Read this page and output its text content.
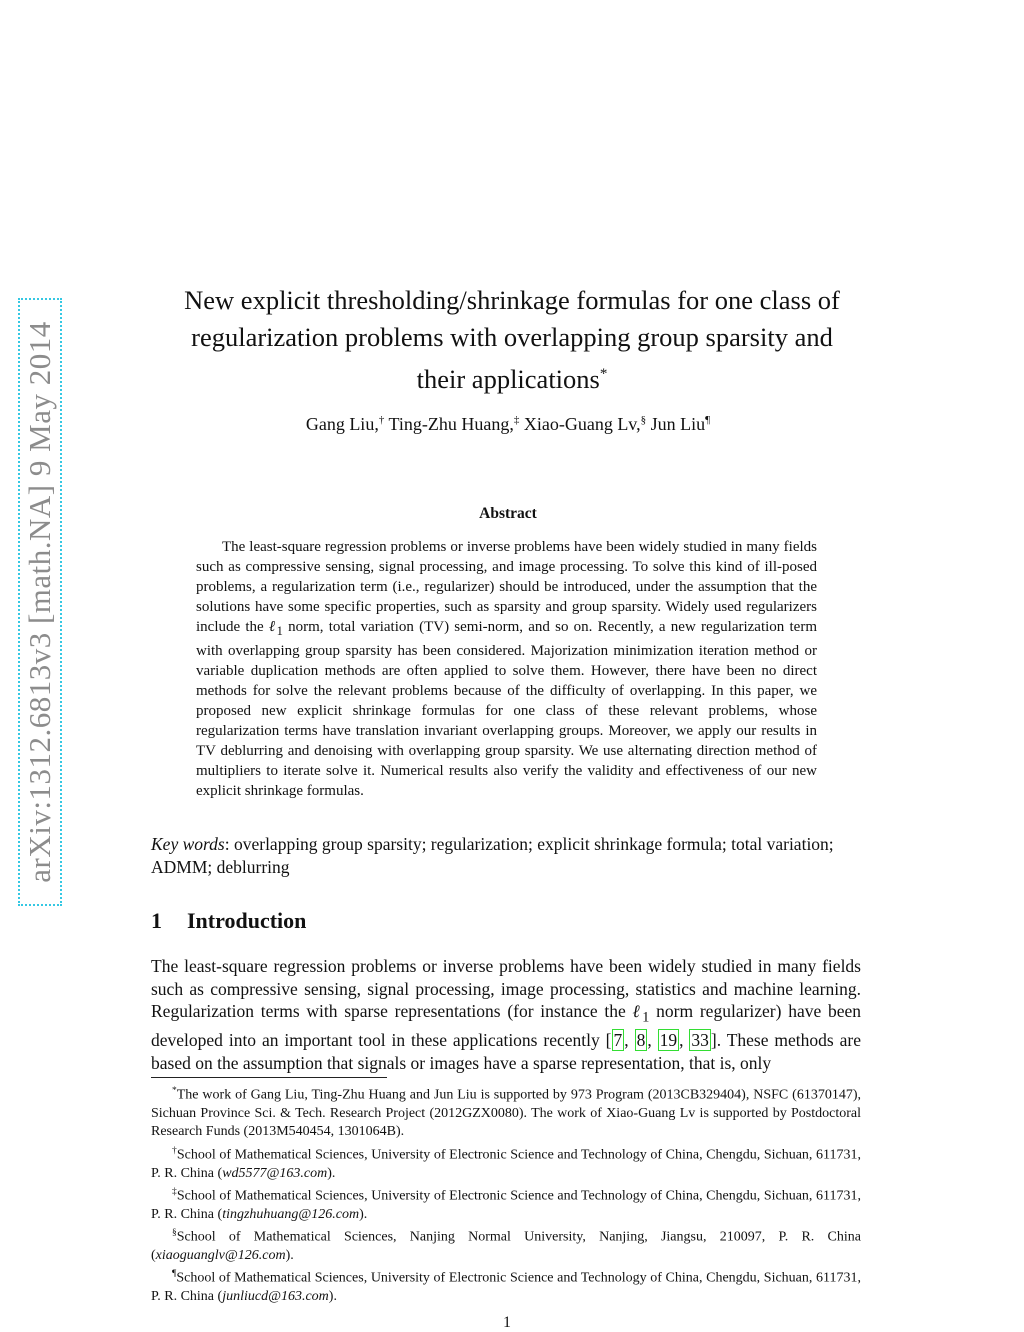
arXiv:1312.6813v3 [math.NA] 9 May 2014
New explicit thresholding/shrinkage formulas for one class of
regularization problems with overlapping group sparsity and
their applications*
Gang Liu,† Ting-Zhu Huang,‡ Xiao-Guang Lv,§ Jun Liu¶
Abstract

The least-square regression problems or inverse problems have been widely studied in many fields such as compressive sensing, signal processing, and image processing. To solve this kind of ill-posed problems, a regularization term (i.e., regularizer) should be introduced, under the assumption that the solutions have some specific properties, such as sparsity and group sparsity. Widely used regularizers include the ℓ$_1$ norm, total variation (TV) semi-norm, and so on. Recently, a new regularization term with overlapping group sparsity has been considered. Majorization minimization iteration method or variable duplication methods are often applied to solve them. However, there have been no direct methods for solve the relevant problems because of the difficulty of overlapping. In this paper, we proposed new explicit shrinkage formulas for one class of these relevant problems, whose regularization terms have translation invariant overlapping groups. Moreover, we apply our results in TV deblurring and denoising with overlapping group sparsity. We use alternating direction method of multipliers to iterate solve it. Numerical results also verify the validity and effectiveness of our new explicit shrinkage formulas.

Key words: overlapping group sparsity; regularization; explicit shrinkage formula; total variation; ADMM; deblurring

1 Introduction

The least-square regression problems or inverse problems have been widely studied in many fields such as compressive sensing, signal processing, image processing, statistics and machine learning. Regularization terms with sparse representations (for instance the ℓ$_1$ norm regularizer) have been developed into an important tool in these applications recently [ 7 , 8 , 19 , 33 ]. These methods are based on the assumption that signals or images have a sparse representation, that is, only

*The work of Gang Liu, Ting-Zhu Huang and Jun Liu is supported by 973 Program (2013CB329404), NSFC (61370147), Sichuan Province Sci. & Tech. Research Project (2012GZX0080). The work of Xiao-Guang Lv is supported by Postdoctoral Research Funds (2013M540454, 1301064B).

†School of Mathematical Sciences, University of Electronic Science and Technology of China, Chengdu, Sichuan, 611731, P. R. China (wd5577@163.com).

‡School of Mathematical Sciences, University of Electronic Science and Technology of China, Chengdu, Sichuan, 611731, P. R. China (tingzhuhuang@126.com).

§School of Mathematical Sciences, Nanjing Normal University, Nanjing, Jiangsu, 210097, P. R. China (xiaoguanglv@126.com).

¶School of Mathematical Sciences, University of Electronic Science and Technology of China, Chengdu, Sichuan, 611731, P. R. China (junliucd@163.com).

1
